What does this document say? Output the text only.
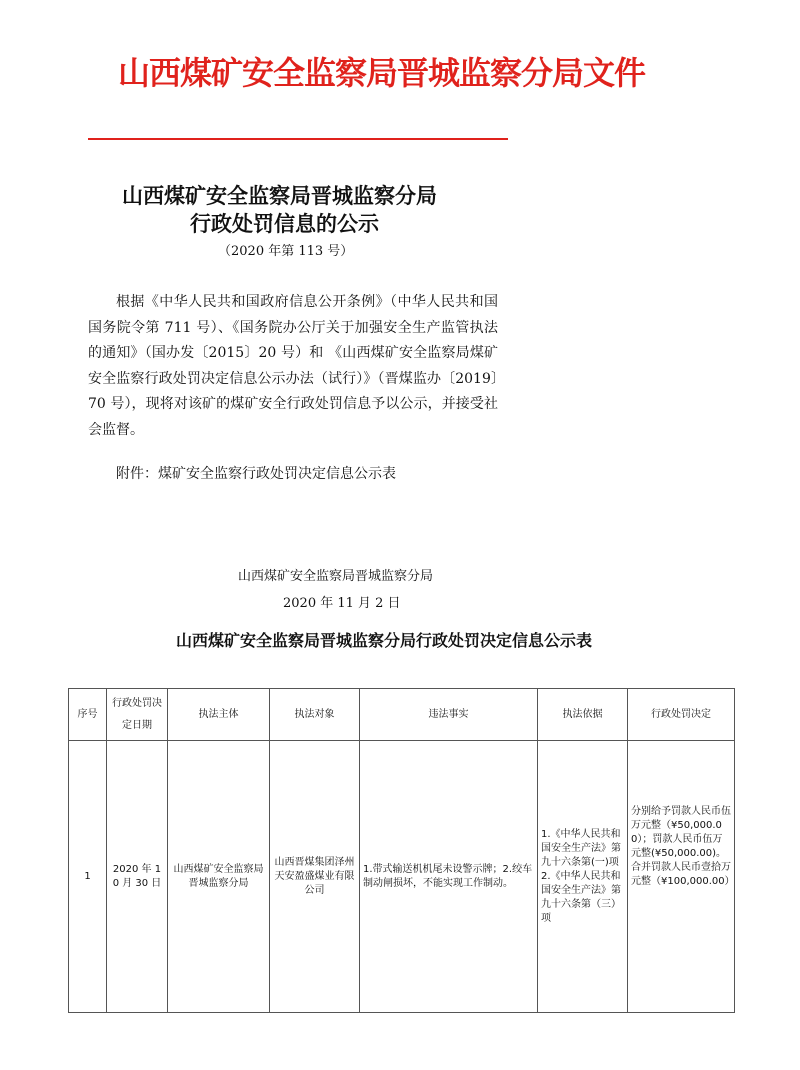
山西煤矿安全监察局晋城监察分局文件
山西煤矿安全监察局晋城监察分局
行政处罚信息的公示
（2020 年第 113 号）
根据《中华人民共和国政府信息公开条例》（中华人民共和国国务院令第 711 号）、《国务院办公厅关于加强安全生产监管执法的通知》（国办发〔2015〕20 号）和 《山西煤矿安全监察局煤矿安全监察行政处罚决定信息公示办法（试行）》（晋煤监办〔2019〕70 号），现将对该矿的煤矿安全行政处罚信息予以公示，并接受社会监督。
附件：煤矿安全监察行政处罚决定信息公示表
山西煤矿安全监察局晋城监察分局
2020 年 11 月 2 日
山西煤矿安全监察局晋城监察分局行政处罚决定信息公示表
序号	行政处罚决定日期	执法主体	执法对象	违法事实	执法依据	行政处罚决定
1	2020 年 10 月 30 日	山西煤矿安全监察局晋城监察分局	山西晋煤集团泽州天安盈盛煤业有限公司	1.带式输送机机尾未设警示牌；2.绞车制动闸损坏，不能实现工作制动。	1.《中华人民共和国安全生产法》第九十六条第(一)项 2.《中华人民共和国安全生产法》第九十六条第（三）项	分别给予罚款人民币伍万元整（¥50,000.00）；罚款人民币伍万元整(¥50,000.00)。合并罚款人民币壹拾万元整（¥100,000.00）
